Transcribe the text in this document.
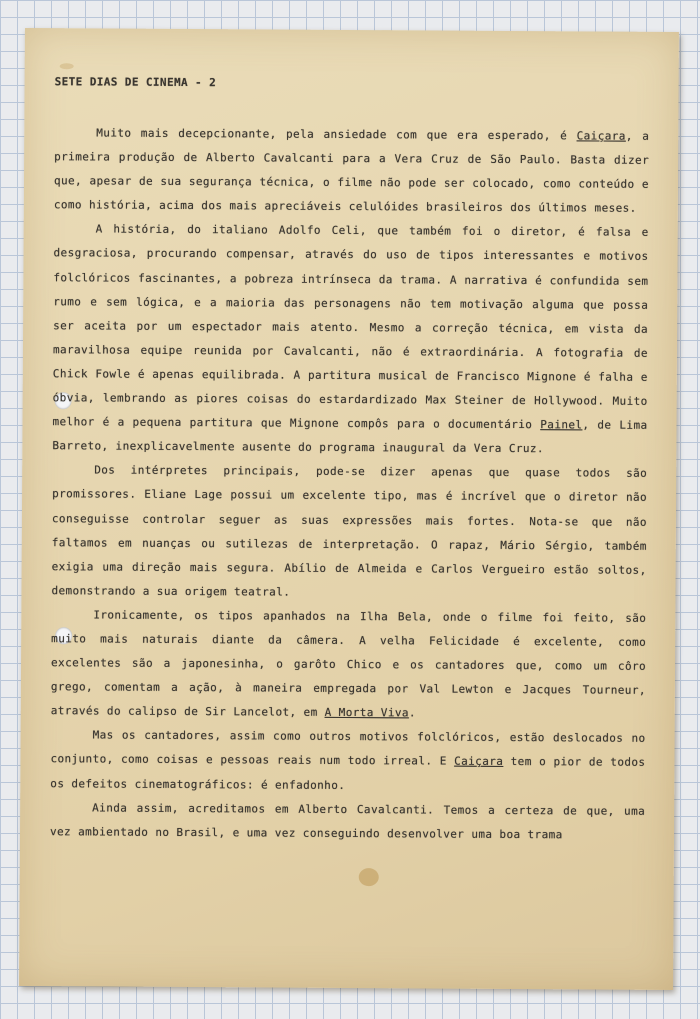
SETE DIAS DE CINEMA - 2

Muito mais decepcionante, pela ansiedade com que era esperado, é Caiçara, a primeira produção de Alberto Cavalcanti para a Vera Cruz de São Paulo. Basta dizer que, apesar de sua segurança técnica, o filme não pode ser colocado, como conteúdo e como história, acima dos mais apreciáveis celulóides brasileiros dos últimos meses.

A história, do italiano Adolfo Celi, que também foi o diretor, é falsa e desgraciosa, procurando compensar, através do uso de tipos interessantes e motivos folclóricos fascinantes, a pobreza intrínseca da trama. A narrativa é confundida sem rumo e sem lógica, e a maioria das personagens não tem motivação alguma que possa ser aceita por um espectador mais atento. Mesmo a correção técnica, em vista da maravilhosa equipe reunida por Cavalcanti, não é extraordinária. A fotografia de Chick Fowle é apenas equilibrada. A partitura musical de Francisco Mignone é falha e óbvia, lembrando as piores coisas do estardardizado Max Steiner de Hollywood. Muito melhor é a pequena partitura que Mignone compôs para o documentário Painel, de Lima Barreto, inexplicavelmente ausente do programa inaugural da Vera Cruz.

Dos intérpretes principais, pode-se dizer apenas que quase todos são promissores. Eliane Lage possui um excelente tipo, mas é incrível que o diretor não conseguisse controlar seguer as suas expressões mais fortes. Nota-se que não faltamos em nuanças ou sutilezas de interpretação. O rapaz, Mário Sérgio, também exigia uma direção mais segura. Abílio de Almeida e Carlos Vergueiro estão soltos, demonstrando a sua origem teatral.

Ironicamente, os tipos apanhados na Ilha Bela, onde o filme foi feito, são muito mais naturais diante da câmera. A velha Felicidade é excelente, como excelentes são a japonesinha, o garôto Chico e os cantadores que, como um côro grego, comentam a ação, à maneira empregada por Val Lewton e Jacques Tourneur, através do calipso de Sir Lancelot, em A Morta Viva.

Mas os cantadores, assim como outros motivos folclóricos, estão deslocados no conjunto, como coisas e pessoas reais num todo irreal. E Caiçara tem o pior de todos os defeitos cinematográficos: é enfadonho.

Ainda assim, acreditamos em Alberto Cavalcanti. Temos a certeza de que, uma vez ambientado no Brasil, e uma vez conseguindo desenvolver uma boa trama
